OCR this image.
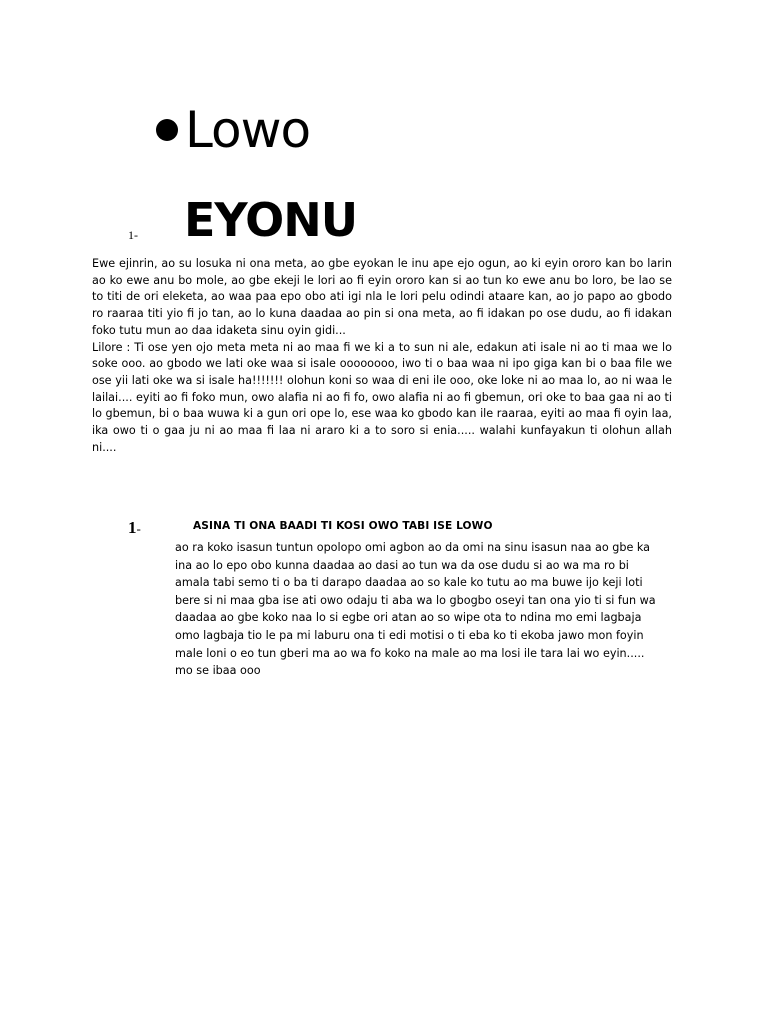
Lowo
1- EYONU

Ewe ejinrin, ao su losuka ni ona meta, ao gbe eyokan le inu ape ejo ogun, ao ki eyin ororo kan bo larin ao ko ewe anu bo mole, ao gbe ekeji le lori ao fi eyin ororo kan si ao tun ko ewe anu bo loro, be lao se to titi de ori eleketa, ao waa paa epo obo ati igi nla le lori pelu odindi ataare kan, ao jo papo ao gbodo ro raaraa titi yio fi jo tan, ao lo kuna daadaa ao pin si ona meta, ao fi idakan po ose dudu, ao fi idakan foko tutu mun ao daa idaketa sinu oyin gidi...

Lilore : Ti ose yen ojo meta meta ni ao maa fi we ki a to sun ni ale, edakun ati isale ni ao ti maa we lo soke ooo. ao gbodo we lati oke waa si isale oooooooo, iwo ti o baa waa ni ipo giga kan bi o baa file we ose yii lati oke wa si isale ha!!!!!!! olohun koni so waa di eni ile ooo, oke loke ni ao maa lo, ao ni waa le lailai.... eyiti ao fi foko mun, owo alafia ni ao fi fo, owo alafia ni ao fi gbemun, ori oke to baa gaa ni ao ti lo gbemun, bi o baa wuwa ki a gun ori ope lo, ese waa ko gbodo kan ile raaraa, eyiti ao maa fi oyin laa, ika owo ti o gaa ju ni ao maa fi laa ni araro ki a to soro si enia..... walahi kunfayakun ti olohun allah ni....

1-	ASINA TI ONA BAADI TI KOSI OWO TABI ISE LOWO
ao ra koko isasun tuntun opolopo omi agbon ao da omi na sinu isasun naa ao gbe ka
ina ao lo epo obo kunna daadaa ao dasi ao tun wa da ose dudu si ao wa ma ro bi
amala tabi semo ti o ba ti darapo daadaa ao so kale ko tutu ao ma buwe ijo keji loti
bere si ni maa gba ise ati owo odaju ti aba wa lo gbogbo oseyi tan ona yio ti si fun wa
daadaa ao gbe koko naa lo si egbe ori atan ao so wipe ota to ndina mo emi lagbaja
omo lagbaja tio le pa mi laburu ona ti edi motisi o ti eba ko ti ekoba jawo mon foyin
male loni o eo tun gberi ma ao wa fo koko na male ao ma losi ile tara lai wo eyin.....
mo se ibaa ooo
